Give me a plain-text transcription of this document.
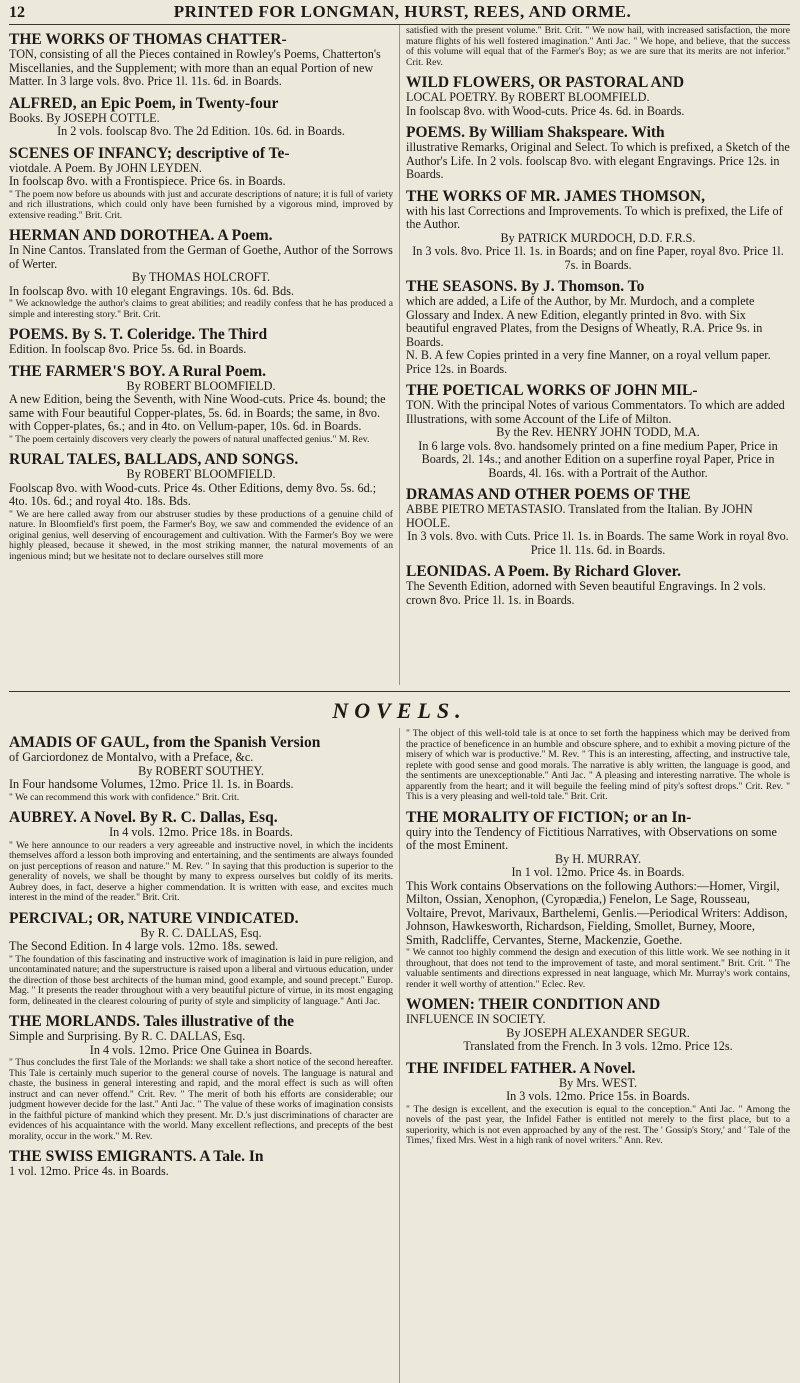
12	PRINTED FOR LONGMAN, HURST, REES, AND ORME.
THE WORKS OF THOMAS CHATTER-
TON, consisting of all the Pieces contained in Rowley's Poems, Chatterton's Miscellanies, and the Supplement; with more than an equal Portion of new Matter. In 3 large vols. 8vo. Price 1l. 11s. 6d. in Boards.
ALFRED, an Epic Poem, in Twenty-four
Books. By JOSEPH COTTLE.
In 2 vols. foolscap 8vo. The 2d Edition. 10s. 6d. in Boards.
SCENES OF INFANCY; descriptive of Te-
viotdale. A Poem. By JOHN LEYDEN.
In foolscap 8vo. with a Frontispiece. Price 6s. in Boards.
" The poem now before us abounds with just and accurate descriptions of nature; it is full of variety and rich illustrations, which could only have been furnished by a vigorous mind, improved by extensive reading." Brit. Crit.
HERMAN AND DOROTHEA. A Poem.
In Nine Cantos. Translated from the German of Goethe, Author of the Sorrows of Werter.
By THOMAS HOLCROFT.
In foolscap 8vo. with 10 elegant Engravings. 10s. 6d. Bds.
" We acknowledge the author's claims to great abilities; and readily confess that he has produced a simple and interesting story." Brit. Crit.
POEMS. By S. T. Coleridge. The Third
Edition. In foolscap 8vo. Price 5s. 6d. in Boards.
THE FARMER'S BOY. A Rural Poem.
By ROBERT BLOOMFIELD.
A new Edition, being the Seventh, with Nine Wood-cuts. Price 4s. bound; the same with Four beautiful Copper-plates, 5s. 6d. in Boards; the same, in 8vo. with Copper-plates, 6s.; and in 4to. on Vellum-paper, 10s. 6d. in Boards.
" The poem certainly discovers very clearly the powers of natural unaffected genius." M. Rev.
RURAL TALES, BALLADS, AND SONGS.
By ROBERT BLOOMFIELD.
Foolscap 8vo. with Wood-cuts. Price 4s. Other Editions, demy 8vo. 5s. 6d.; 4to. 10s. 6d.; and royal 4to. 18s. Bds.
" We are here called away from our abstruser studies by these productions of a genuine child of nature. In Bloomfield's first poem, the Farmer's Boy, we saw and commended the evidence of an original genius, well deserving of encouragement and cultivation. With the Farmer's Boy we were highly pleased, because it shewed, in the most striking manner, the natural movements of an ingenious mind; but we hesitate not to declare ourselves still more
satisfied with the present volume." Brit. Crit. " We now hail, with increased satisfaction, the more mature flights of his well fostered imagination." Anti Jac. " We hope, and believe, that the success of this volume will equal that of the Farmer's Boy; as we are sure that its merits are not inferior." Crit. Rev.
WILD FLOWERS, OR PASTORAL AND
LOCAL POETRY. By ROBERT BLOOMFIELD.
In foolscap 8vo. with Wood-cuts. Price 4s. 6d. in Boards.
POEMS. By William Shakspeare. With
illustrative Remarks, Original and Select. To which is prefixed, a Sketch of the Author's Life. In 2 vols. foolscap 8vo. with elegant Engravings. Price 12s. in Boards.
THE WORKS OF MR. JAMES THOMSON,
with his last Corrections and Improvements. To which is prefixed, the Life of the Author.
By PATRICK MURDOCH, D.D. F.R.S.
In 3 vols. 8vo. Price 1l. 1s. in Boards; and on fine Paper, royal 8vo. Price 1l. 7s. in Boards.
THE SEASONS. By J. Thomson. To
which are added, a Life of the Author, by Mr. Murdoch, and a complete Glossary and Index. A new Edition, elegantly printed in 8vo. with Six beautiful engraved Plates, from the Designs of Wheatly, R.A. Price 9s. in Boards.
N. B. A few Copies printed in a very fine Manner, on a royal vellum paper. Price 12s. in Boards.
THE POETICAL WORKS OF JOHN MIL-
TON. With the principal Notes of various Commentators. To which are added Illustrations, with some Account of the Life of Milton.
By the Rev. HENRY JOHN TODD, M.A.
In 6 large vols. 8vo. handsomely printed on a fine medium Paper, Price in Boards, 2l. 14s.; and another Edition on a superfine royal Paper, Price in Boards, 4l. 16s. with a Portrait of the Author.
DRAMAS AND OTHER POEMS OF THE
ABBE PIETRO METASTASIO. Translated from the Italian. By JOHN HOOLE.
In 3 vols. 8vo. with Cuts. Price 1l. 1s. in Boards. The same Work in royal 8vo. Price 1l. 11s. 6d. in Boards.
LEONIDAS. A Poem. By Richard Glover.
The Seventh Edition, adorned with Seven beautiful Engravings. In 2 vols. crown 8vo. Price 1l. 1s. in Boards.
NOVELS.
AMADIS OF GAUL, from the Spanish Version
of Garciordonez de Montalvo, with a Preface, &c.
By ROBERT SOUTHEY.
In Four handsome Volumes, 12mo. Price 1l. 1s. in Boards.
" We can recommend this work with confidence." Brit. Crit.
AUBREY. A Novel. By R. C. Dallas, Esq.
In 4 vols. 12mo. Price 18s. in Boards.
" We here announce to our readers a very agreeable and instructive novel, in which the incidents themselves afford a lesson both improving and entertaining, and the sentiments are always founded on just perceptions of reason and nature." M. Rev. " In saying that this production is superior to the generality of novels, we shall be thought by many to express ourselves but coldly of its merits. Aubrey does, in fact, deserve a higher commendation. It is written with ease, and excites much interest in the mind of the reader." Brit. Crit.
PERCIVAL; OR, NATURE VINDICATED.
By R. C. DALLAS, Esq.
The Second Edition. In 4 large vols. 12mo. 18s. sewed.
" The foundation of this fascinating and instructive work of imagination is laid in pure religion, and uncontaminated nature; and the superstructure is raised upon a liberal and virtuous education, under the direction of those best architects of the human mind, good example, and sound precept." Europ. Mag. " It presents the reader throughout with a very beautiful picture of virtue, in its most engaging form, delineated in the clearest colouring of purity of style and simplicity of language." Anti Jac.
THE MORLANDS. Tales illustrative of the
Simple and Surprising. By R. C. DALLAS, Esq.
In 4 vols. 12mo. Price One Guinea in Boards.
" Thus concludes the first Tale of the Morlands: we shall take a short notice of the second hereafter. This Tale is certainly much superior to the general course of novels. The language is natural and chaste, the business in general interesting and rapid, and the moral effect is such as will often instruct and can never offend." Crit. Rev. " The merit of both his efforts are considerable; our judgment however decide for the last." Anti Jac. " The value of these works of imagination consists in the faithful picture of mankind which they present. Mr. D.'s just discriminations of character are evidences of his acquaintance with the world. Many excellent reflections, and precepts of the best morality, occur in the work." M. Rev.
THE SWISS EMIGRANTS. A Tale. In
1 vol. 12mo. Price 4s. in Boards.
" The object of this well-told tale is at once to set forth the happiness which may be derived from the practice of beneficence in an humble and obscure sphere, and to exhibit a moving picture of the misery of which war is productive." M. Rev. " This is an interesting, affecting, and instructive tale, replete with good sense and good morals. The narrative is ably written, the language is good, and the sentiments are unexceptionable." Anti Jac. " A pleasing and interesting narrative. The whole is apparently from the heart; and it will beguile the feeling mind of pity's softest drops." Crit. Rev. " This is a very pleasing and well-told tale." Brit. Crit.
THE MORALITY OF FICTION; or an In-
quiry into the Tendency of Fictitious Narratives, with Observations on some of the most Eminent.
By H. MURRAY.
In 1 vol. 12mo. Price 4s. in Boards.
This Work contains Observations on the following Authors:—Homer, Virgil, Milton, Ossian, Xenophon, (Cyropædia,) Fenelon, Le Sage, Rousseau, Voltaire, Prevot, Marivaux, Barthelemi, Genlis.—Periodical Writers: Addison, Johnson, Hawkesworth, Richardson, Fielding, Smollet, Burney, Moore, Smith, Radcliffe, Cervantes, Sterne, Mackenzie, Goethe.
" We cannot too highly commend the design and execution of this little work. We see nothing in it throughout, that does not tend to the improvement of taste, and moral sentiment." Brit. Crit. " The valuable sentiments and directions expressed in neat language, which Mr. Murray's work contains, render it well worthy of attention." Eclec. Rev.
WOMEN: THEIR CONDITION AND
INFLUENCE IN SOCIETY.
By JOSEPH ALEXANDER SEGUR.
Translated from the French. In 3 vols. 12mo. Price 12s.
THE INFIDEL FATHER. A Novel.
By Mrs. WEST.
In 3 vols. 12mo. Price 15s. in Boards.
" The design is excellent, and the execution is equal to the conception." Anti Jac. " Among the novels of the past year, the Infidel Father is entitled not merely to the first place, but to a superiority, which is not even approached by any of the rest. The ' Gossip's Story,' and ' Tale of the Times,' fixed Mrs. West in a high rank of novel writers." Ann. Rev.
